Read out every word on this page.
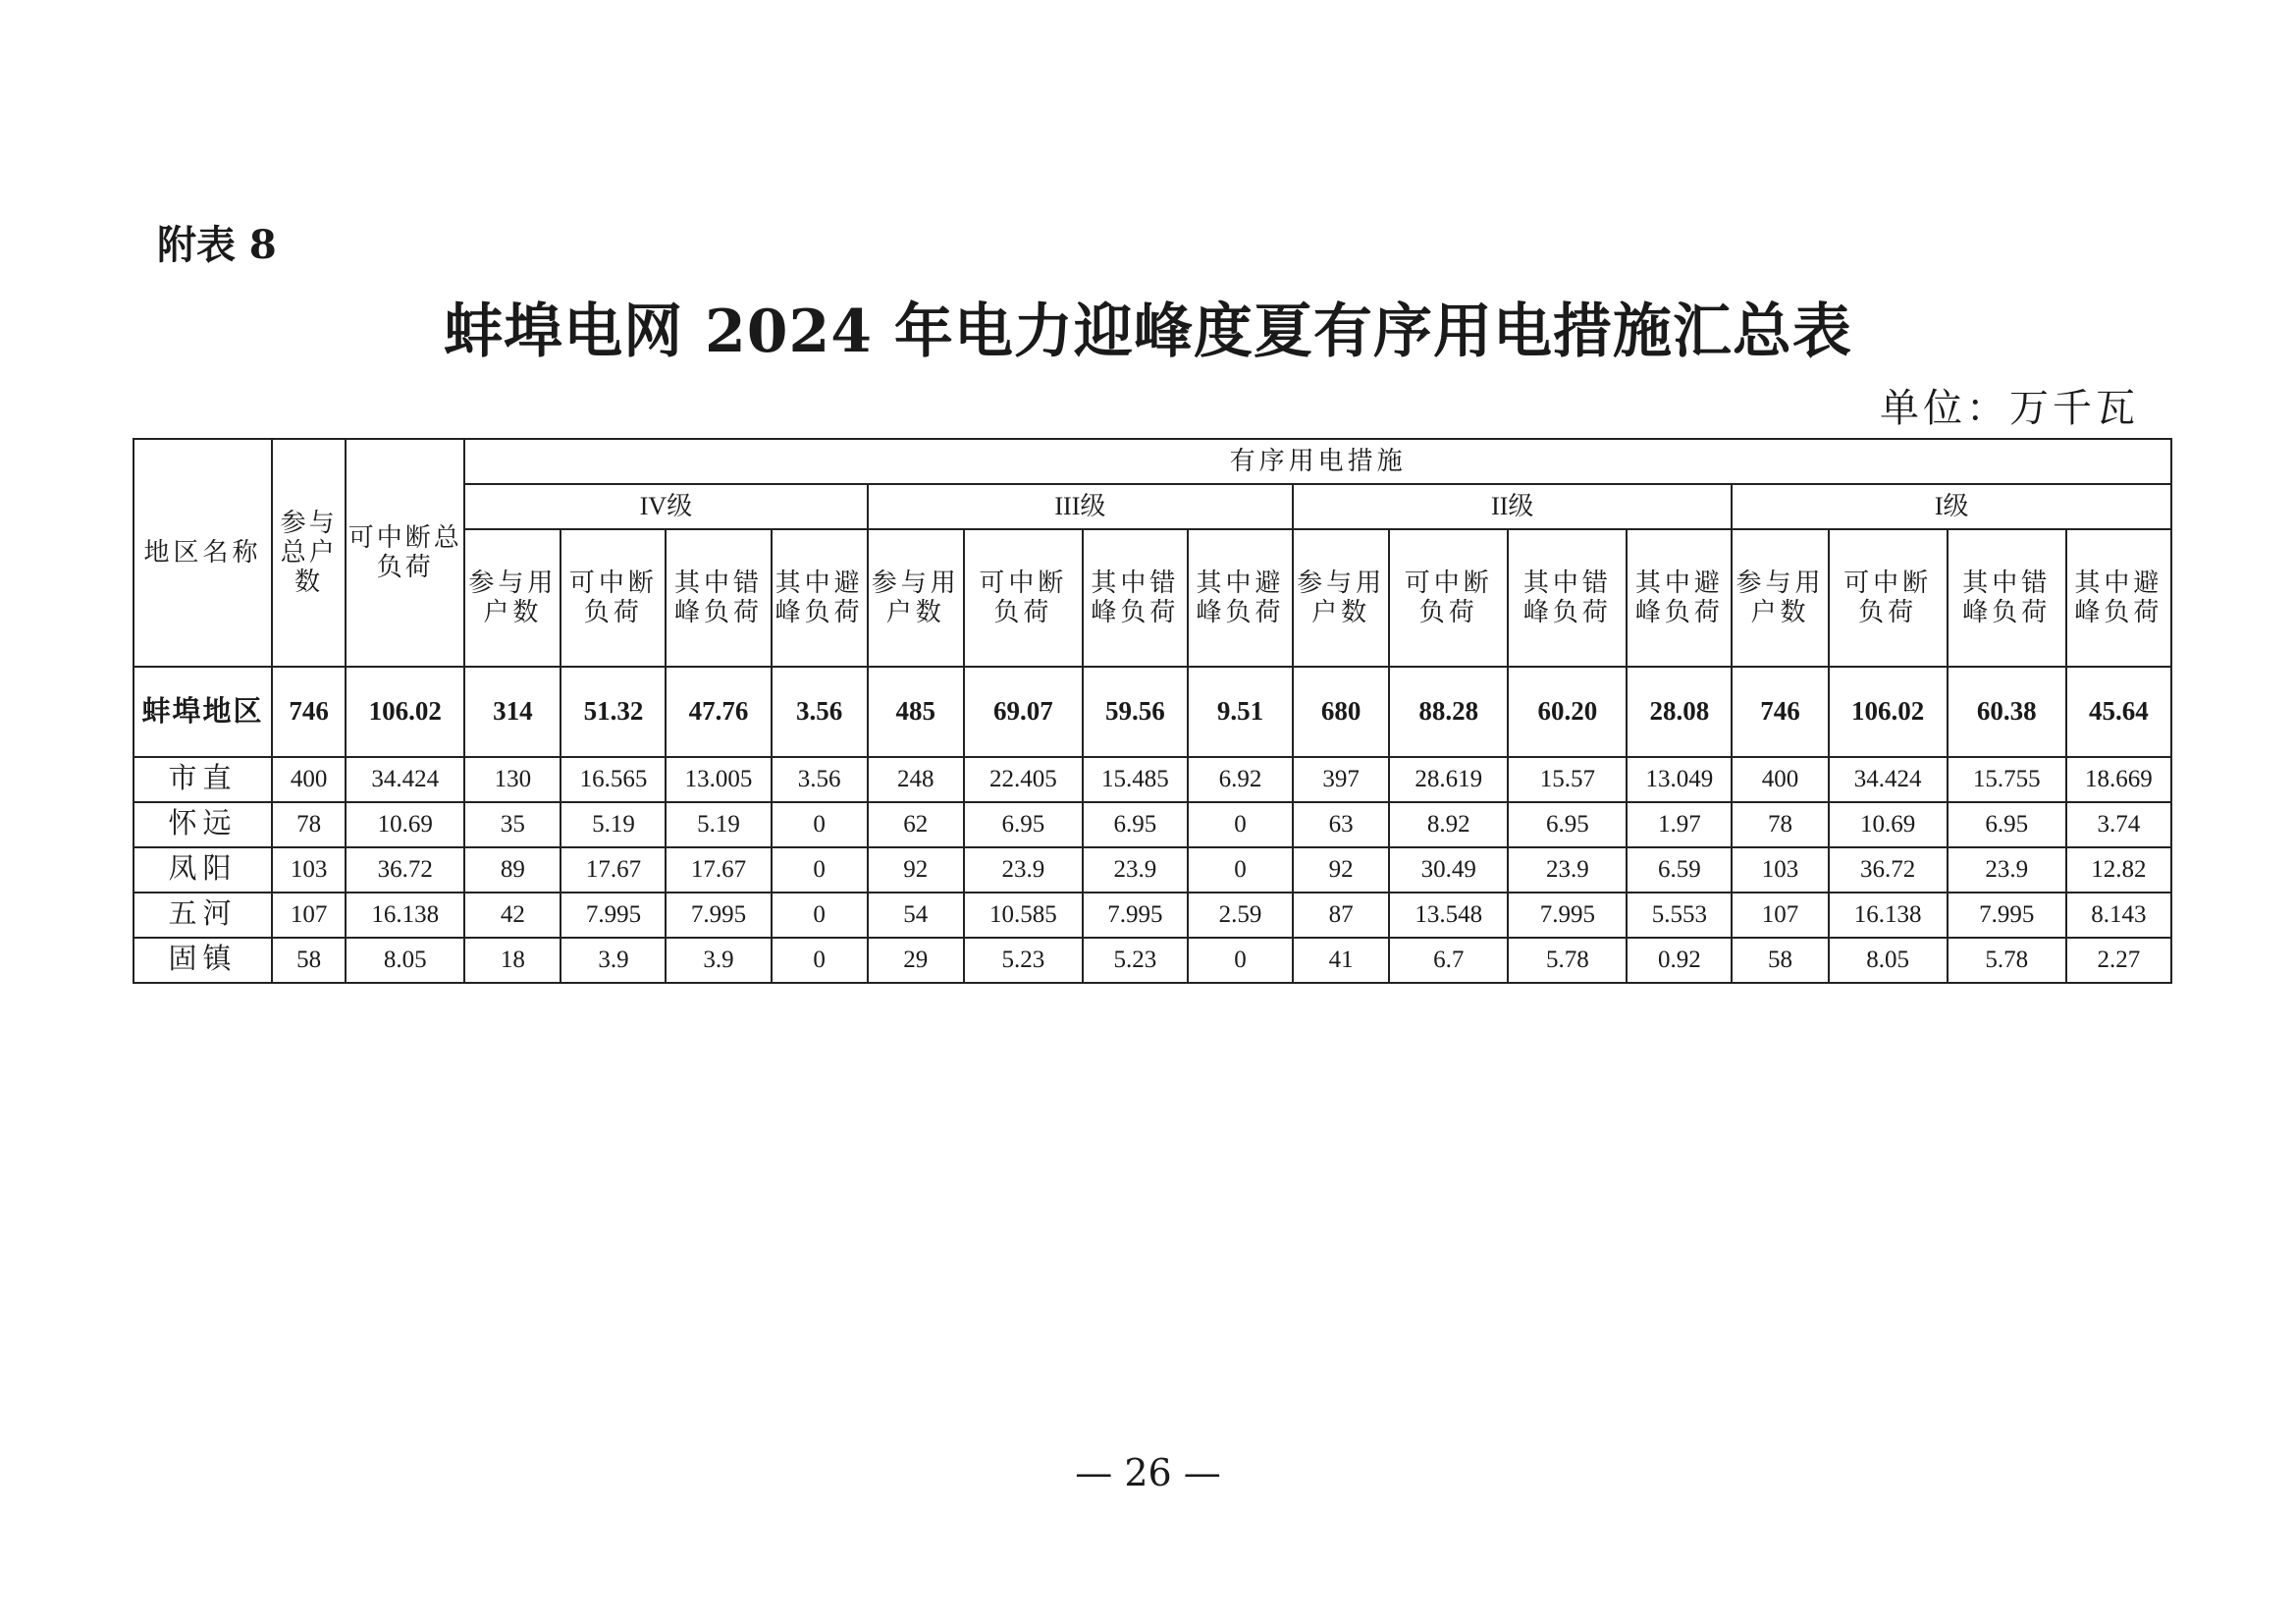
附表 8
蚌埠电网 2024 年电力迎峰度夏有序用电措施汇总表
单位：万千瓦
地区名称	参与总户数	可中断总负荷	有序用电措施															
			IV级				III级				II级				I级			
			参与用户数	可中断负荷	其中错峰负荷	其中避峰负荷	参与用户数	可中断负荷	其中错峰负荷	其中避峰负荷	参与用户数	可中断负荷	其中错峰负荷	其中避峰负荷	参与用户数	可中断负荷	其中错峰负荷	其中避峰负荷
蚌埠地区	746	106.02	314	51.32	47.76	3.56	485	69.07	59.56	9.51	680	88.28	60.20	28.08	746	106.02	60.38	45.64
市直	400	34.424	130	16.565	13.005	3.56	248	22.405	15.485	6.92	397	28.619	15.57	13.049	400	34.424	15.755	18.669
怀远	78	10.69	35	5.19	5.19	0	62	6.95	6.95	0	63	8.92	6.95	1.97	78	10.69	6.95	3.74
凤阳	103	36.72	89	17.67	17.67	0	92	23.9	23.9	0	92	30.49	23.9	6.59	103	36.72	23.9	12.82
五河	107	16.138	42	7.995	7.995	0	54	10.585	7.995	2.59	87	13.548	7.995	5.553	107	16.138	7.995	8.143
固镇	58	8.05	18	3.9	3.9	0	29	5.23	5.23	0	41	6.7	5.78	0.92	58	8.05	5.78	2.27
— 26 —
